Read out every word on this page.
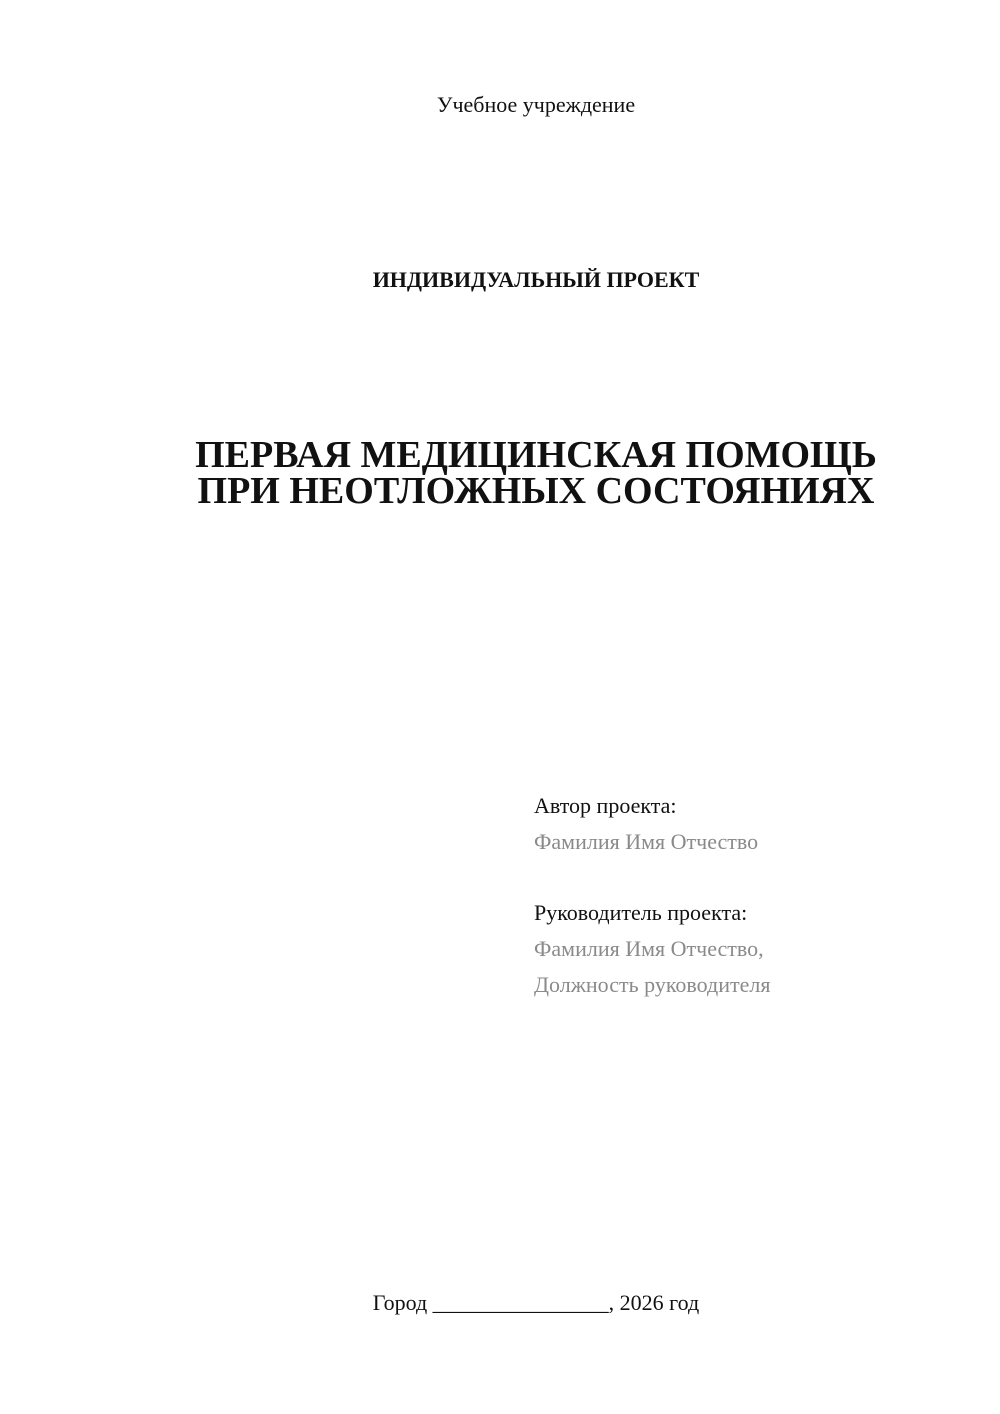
Учебное учреждение
ИНДИВИДУАЛЬНЫЙ ПРОЕКТ
ПЕРВАЯ МЕДИЦИНСКАЯ ПОМОЩЬ
ПРИ НЕОТЛОЖНЫХ СОСТОЯНИЯХ
Автор проекта:
Фамилия Имя Отчество
Руководитель проекта:
Фамилия Имя Отчество,
Должность руководителя
Город ________________, 2026 год
